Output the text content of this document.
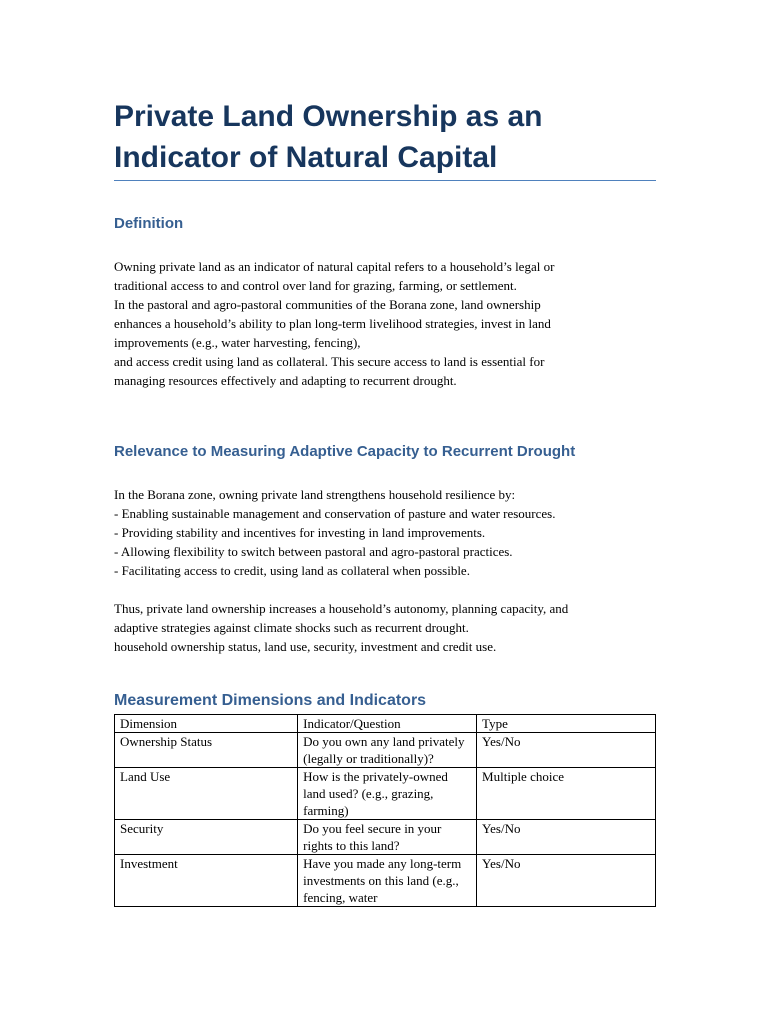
Private Land Ownership as an Indicator of Natural Capital
Definition

Owning private land as an indicator of natural capital refers to a household’s legal or
traditional access to and control over land for grazing, farming, or settlement.
In the pastoral and agro-pastoral communities of the Borana zone, land ownership
enhances a household’s ability to plan long-term livelihood strategies, invest in land
improvements (e.g., water harvesting, fencing),
and access credit using land as collateral. This secure access to land is essential for
managing resources effectively and adapting to recurrent drought.

Relevance to Measuring Adaptive Capacity to Recurrent Drought

In the Borana zone, owning private land strengthens household resilience by:
- Enabling sustainable management and conservation of pasture and water resources.
- Providing stability and incentives for investing in land improvements.
- Allowing flexibility to switch between pastoral and agro-pastoral practices.
- Facilitating access to credit, using land as collateral when possible.

Thus, private land ownership increases a household’s autonomy, planning capacity, and
adaptive strategies against climate shocks such as recurrent drought.
household ownership status, land use, security, investment and credit use.

Measurement Dimensions and Indicators
Dimension	Indicator/Question	Type
Ownership Status	Do you own any land privately (legally or traditionally)?	Yes/No
Land Use	How is the privately-owned land used? (e.g., grazing, farming)	Multiple choice
Security	Do you feel secure in your rights to this land?	Yes/No
Investment	Have you made any long-term investments on this land (e.g., fencing, water	Yes/No
